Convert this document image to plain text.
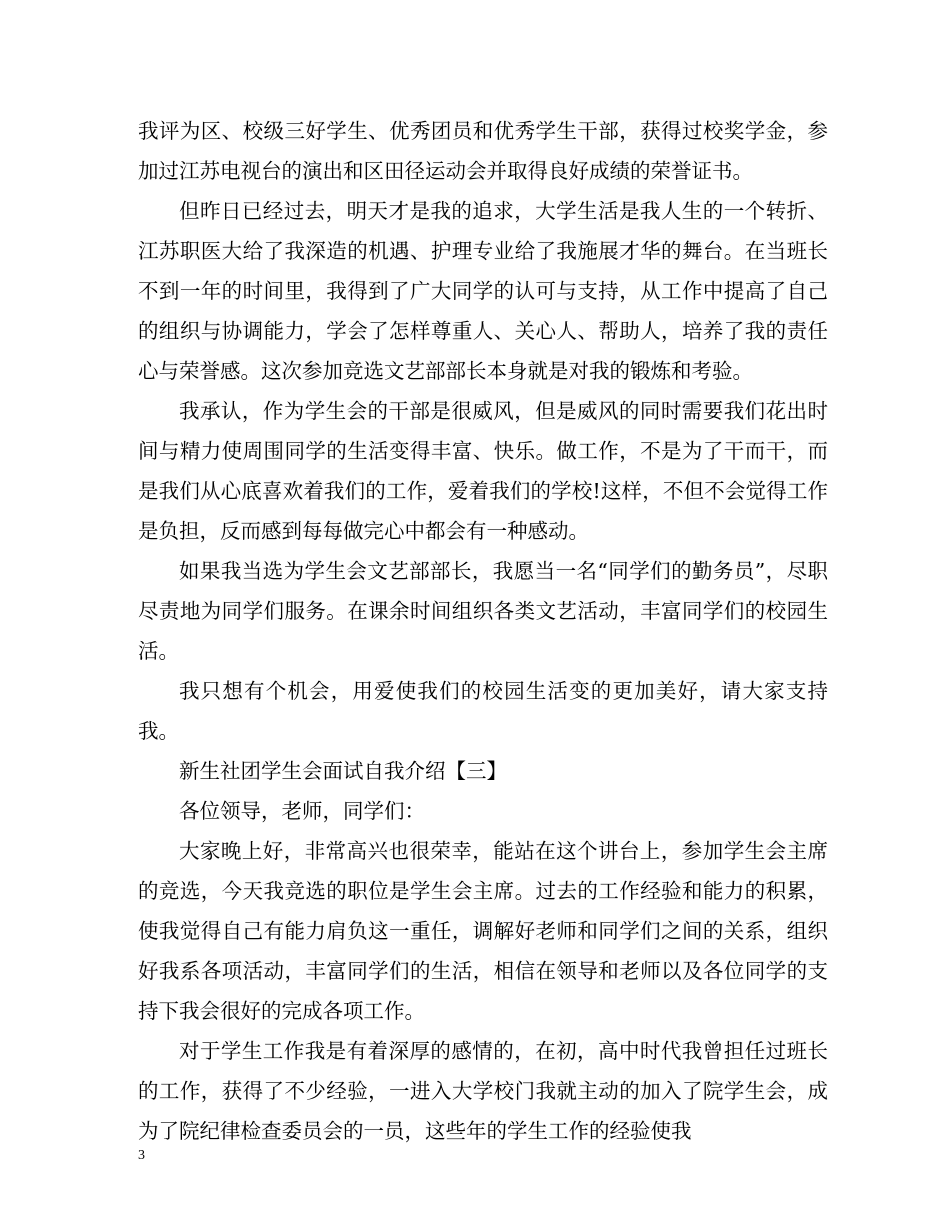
我评为区、校级三好学生、优秀团员和优秀学生干部，获得过校奖学金，参加过江苏电视台的演出和区田径运动会并取得良好成绩的荣誉证书。

但昨日已经过去，明天才是我的追求，大学生活是我人生的一个转折、江苏职医大给了我深造的机遇、护理专业给了我施展才华的舞台。在当班长不到一年的时间里，我得到了广大同学的认可与支持，从工作中提高了自己的组织与协调能力，学会了怎样尊重人、关心人、帮助人，培养了我的责任心与荣誉感。这次参加竞选文艺部部长本身就是对我的锻炼和考验。

我承认，作为学生会的干部是很威风，但是威风的同时需要我们花出时间与精力使周围同学的生活变得丰富、快乐。做工作，不是为了干而干，而是我们从心底喜欢着我们的工作，爱着我们的学校!这样，不但不会觉得工作是负担，反而感到每每做完心中都会有一种感动。

如果我当选为学生会文艺部部长，我愿当一名“同学们的勤务员”，尽职尽责地为同学们服务。在课余时间组织各类文艺活动，丰富同学们的校园生活。

我只想有个机会，用爱使我们的校园生活变的更加美好，请大家支持我。

新生社团学生会面试自我介绍【三】

各位领导，老师，同学们：

大家晚上好，非常高兴也很荣幸，能站在这个讲台上，参加学生会主席的竞选，今天我竞选的职位是学生会主席。过去的工作经验和能力的积累，使我觉得自己有能力肩负这一重任，调解好老师和同学们之间的关系，组织好我系各项活动，丰富同学们的生活，相信在领导和老师以及各位同学的支持下我会很好的完成各项工作。

对于学生工作我是有着深厚的感情的，在初，高中时代我曾担任过班长的工作，获得了不少经验，一进入大学校门我就主动的加入了院学生会，成为了院纪律检查委员会的一员，这些年的学生工作的经验使我

3
